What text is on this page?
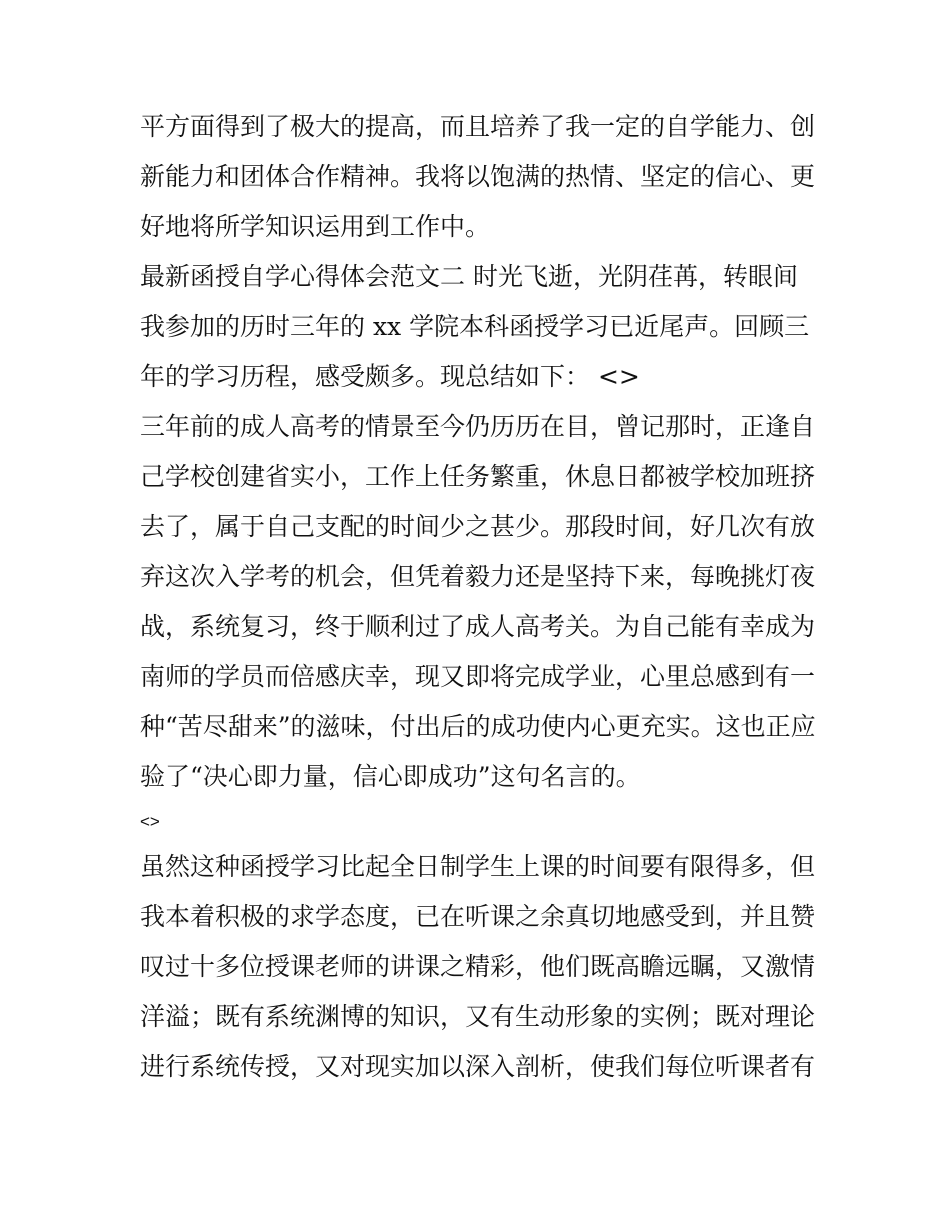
平方面得到了极大的提高，而且培养了我一定的自学能力、创
新能力和团体合作精神。我将以饱满的热情、坚定的信心、更
好地将所学知识运用到工作中。
最新函授自学心得体会范文二 时光飞逝，光阴荏苒，转眼间
我参加的历时三年的 xx 学院本科函授学习已近尾声。回顾三
年的学习历程，感受颇多。现总结如下： <>
三年前的成人高考的情景至今仍历历在目，曾记那时，正逢自
己学校创建省实小，工作上任务繁重，休息日都被学校加班挤
去了，属于自己支配的时间少之甚少。那段时间，好几次有放
弃这次入学考的机会，但凭着毅力还是坚持下来，每晚挑灯夜
战，系统复习，终于顺利过了成人高考关。为自己能有幸成为
南师的学员而倍感庆幸，现又即将完成学业，心里总感到有一
种“苦尽甜来”的滋味，付出后的成功使内心更充实。这也正应
验了“决心即力量，信心即成功”这句名言的。
<>
虽然这种函授学习比起全日制学生上课的时间要有限得多，但
我本着积极的求学态度，已在听课之余真切地感受到，并且赞
叹过十多位授课老师的讲课之精彩，他们既高瞻远瞩，又激情
洋溢；既有系统渊博的知识，又有生动形象的实例；既对理论
进行系统传授，又对现实加以深入剖析，使我们每位听课者有
